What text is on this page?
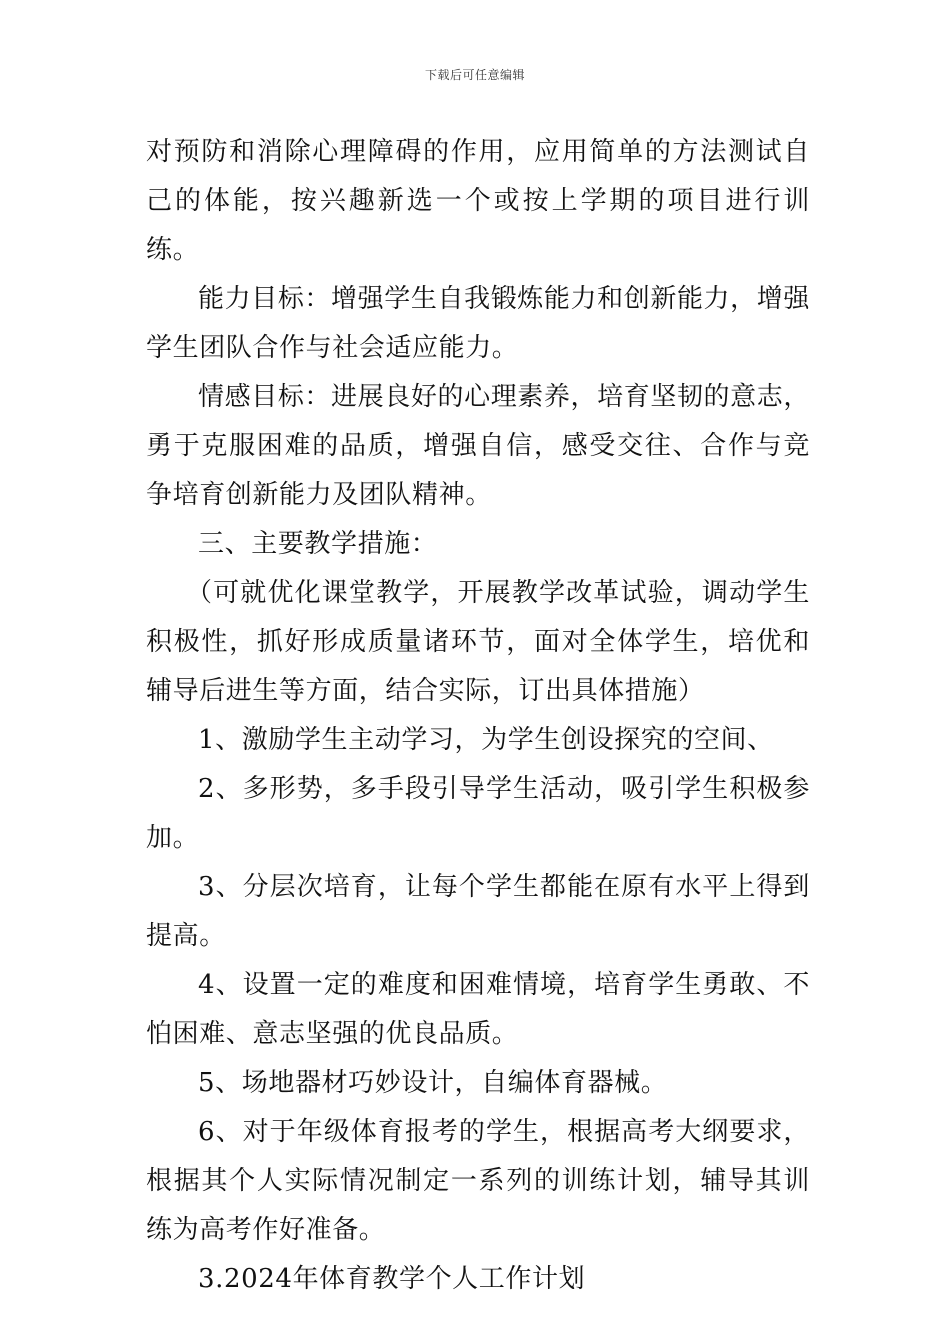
下载后可任意编辑

对预防和消除心理障碍的作用，应用简单的方法测试自己的体能，按兴趣新选一个或按上学期的项目进行训练。

能力目标：增强学生自我锻炼能力和创新能力，增强学生团队合作与社会适应能力。

情感目标：进展良好的心理素养，培育坚韧的意志，勇于克服困难的品质，增强自信，感受交往、合作与竞争培育创新能力及团队精神。

三、主要教学措施：

（可就优化课堂教学，开展教学改革试验，调动学生积极性，抓好形成质量诸环节，面对全体学生，培优和辅导后进生等方面，结合实际，订出具体措施）

1、激励学生主动学习，为学生创设探究的空间、

2、多形势，多手段引导学生活动，吸引学生积极参加。

3、分层次培育，让每个学生都能在原有水平上得到提高。

4、设置一定的难度和困难情境，培育学生勇敢、不怕困难、意志坚强的优良品质。

5、场地器材巧妙设计，自编体育器械。

6、对于年级体育报考的学生，根据高考大纲要求，根据其个人实际情况制定一系列的训练计划，辅导其训练为高考作好准备。

3.2024年体育教学个人工作计划
